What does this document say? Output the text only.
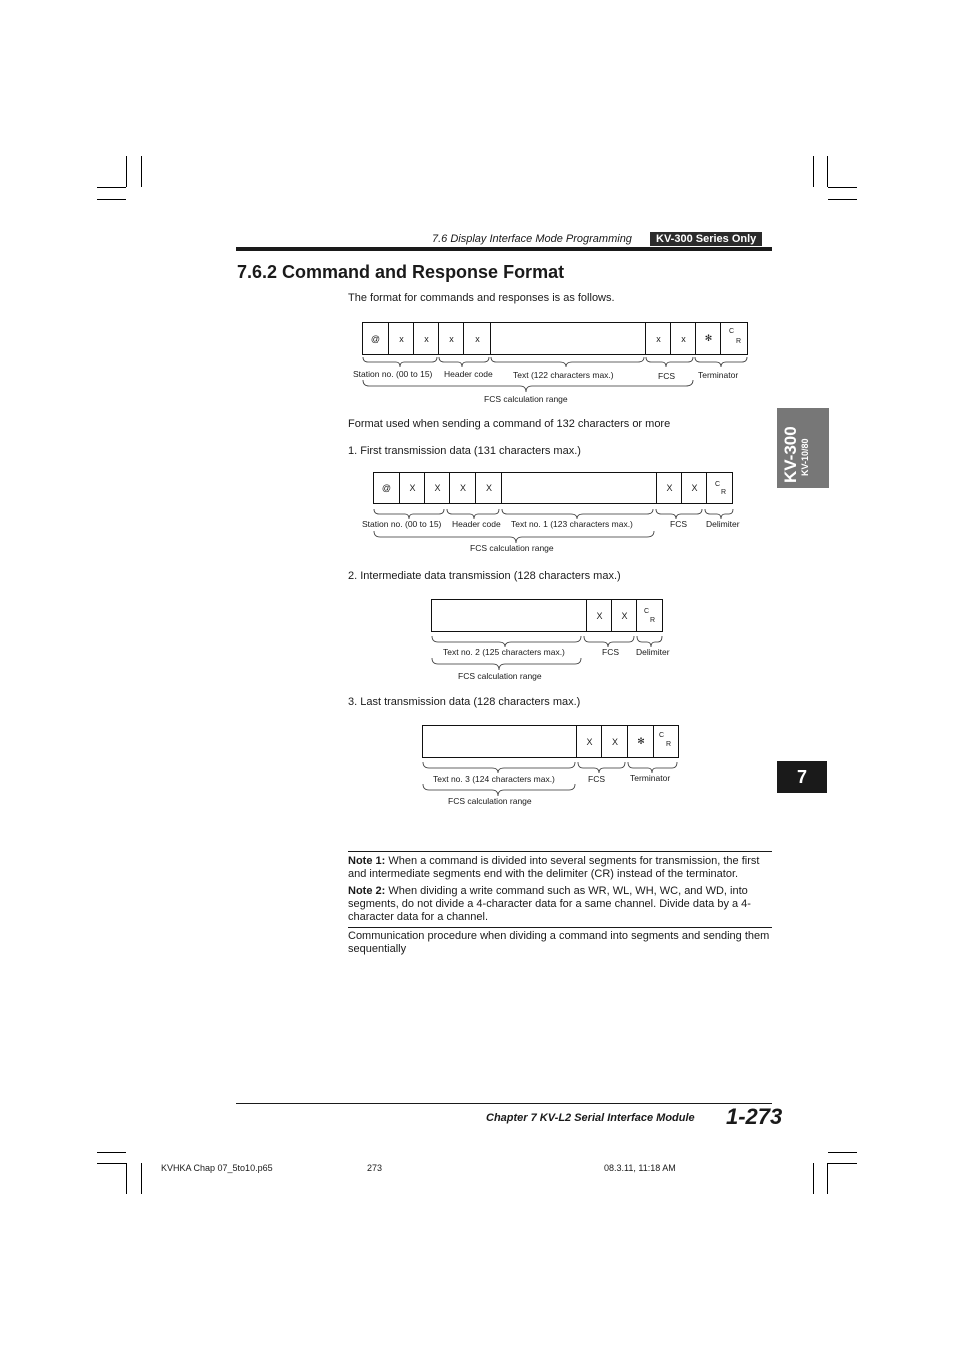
7.6 Display Interface Mode Programming	KV-300 Series Only
7.6.2 Command and Response Format
The format for commands and responses is as follows.
@	x	x	x	x	x	x	✻
C
R
Station no. (00 to 15) Header code Text (122 characters max.)	FCS	Terminator
FCS calculation range
Format used when sending a command of 132 characters or more
1. First transmission data (131 characters max.)
@	X	X	X	X	X	X	C
R
Station no. (00 to 15) Header code Text no. 1 (123 characters max.)	FCS Delimiter
FCS calculation range
2. Intermediate data transmission (128 characters max.)
X	X	C
R
Text no. 2 (125 characters max.)	FCS Delimiter
FCS calculation range
3. Last transmission data (128 characters max.)
X	X	✻
C
R
Text no. 3 (124 characters max.)	FCS	Terminator
FCS calculation range
Note 1: When a command is divided into several segments for transmission, the first and intermediate segments end with the delimiter (CR) instead of the terminator.
Note 2: When dividing a write command such as WR, WL, WH, WC, and WD, into segments, do not divide a 4-character data for a same channel. Divide data by a 4-character data for a channel.
Communication procedure when dividing a command into segments and sending them sequentially
KV-300 KV-10/80
7
Chapter 7 KV-L2 Serial Interface Module 1-273
KVHKA Chap 07_5to10.p65	273	08.3.11, 11:18 AM
